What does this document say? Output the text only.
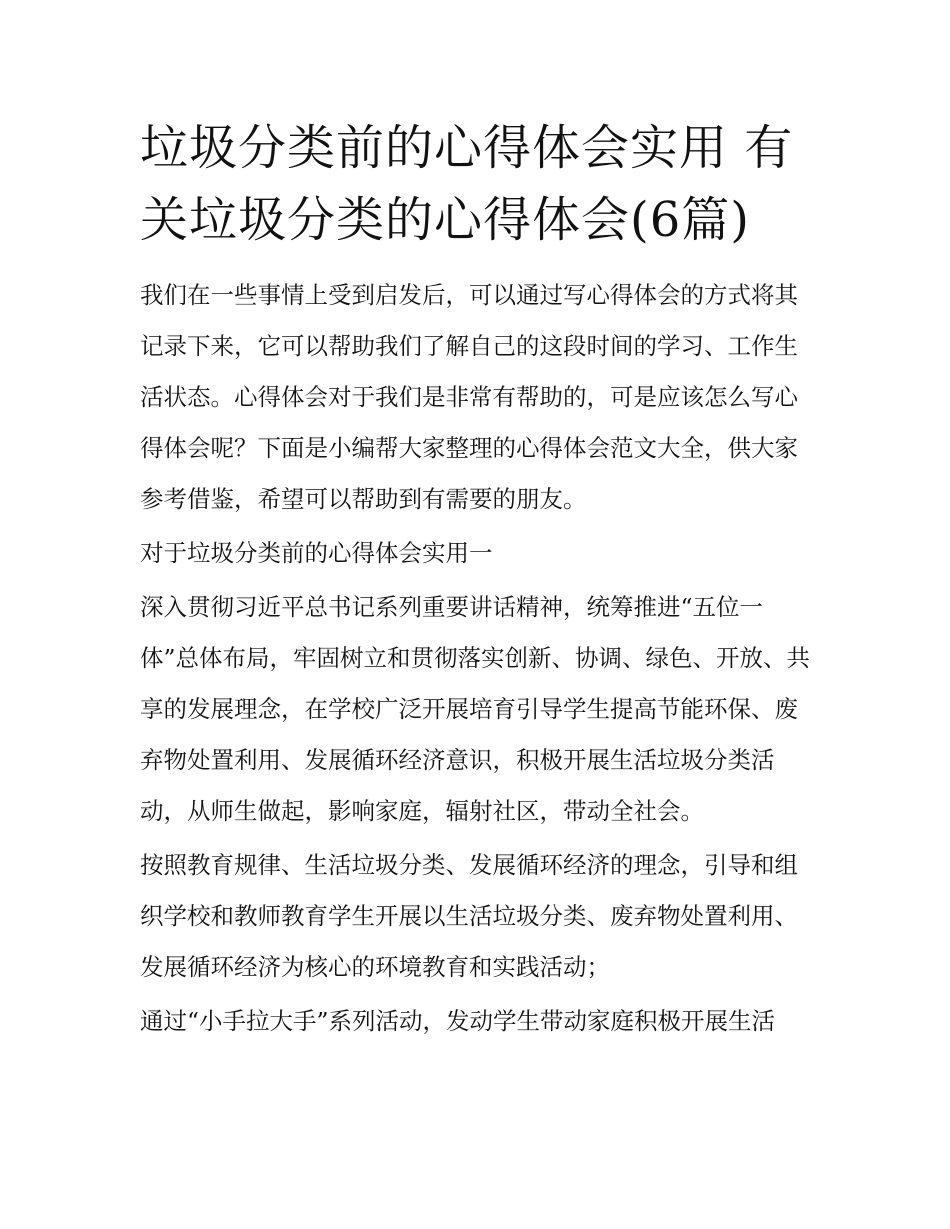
垃圾分类前的心得体会实用 有关垃圾分类的心得体会(6篇)

我们在一些事情上受到启发后，可以通过写心得体会的方式将其记录下来，它可以帮助我们了解自己的这段时间的学习、工作生活状态。心得体会对于我们是非常有帮助的，可是应该怎么写心得体会呢？下面是小编帮大家整理的心得体会范文大全，供大家参考借鉴，希望可以帮助到有需要的朋友。

对于垃圾分类前的心得体会实用一

深入贯彻习近平总书记系列重要讲话精神，统筹推进“五位一体”总体布局，牢固树立和贯彻落实创新、协调、绿色、开放、共享的发展理念，在学校广泛开展培育引导学生提高节能环保、废弃物处置利用、发展循环经济意识，积极开展生活垃圾分类活动，从师生做起，影响家庭，辐射社区，带动全社会。

按照教育规律、生活垃圾分类、发展循环经济的理念，引导和组织学校和教师教育学生开展以生活垃圾分类、废弃物处置利用、发展循环经济为核心的环境教育和实践活动；

通过“小手拉大手”系列活动，发动学生带动家庭积极开展生活
